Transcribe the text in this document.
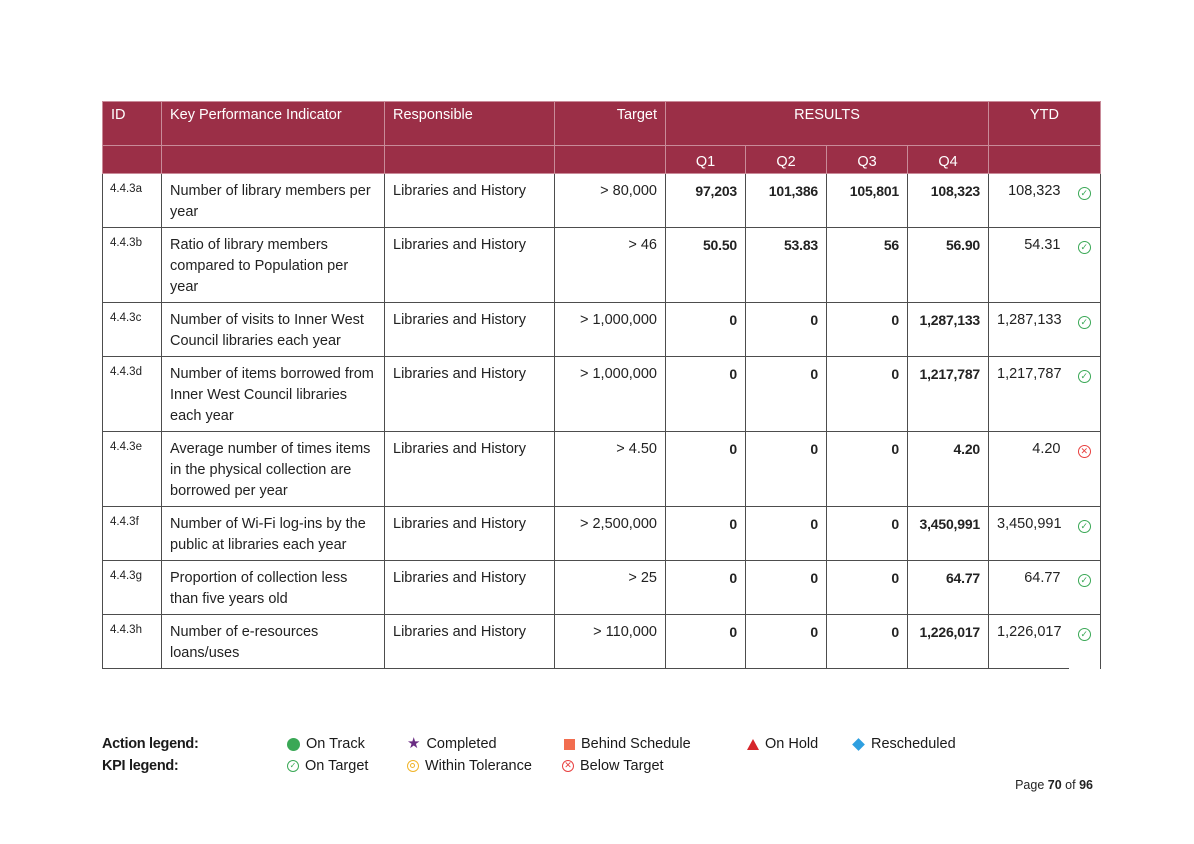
ID	Key Performance Indicator	Responsible	Target	RESULTS				YTD	
				Q1	Q2	Q3	Q4		
4.4.3a	Number of library members per year	Libraries and History	> 80,000	97,203	101,386	105,801	108,323	108,323	✓
4.4.3b	Ratio of library members compared to Population per year	Libraries and History	> 46	50.50	53.83	56	56.90	54.31	✓
4.4.3c	Number of visits to Inner West Council libraries each year	Libraries and History	> 1,000,000	0	0	0	1,287,133	1,287,133	✓
4.4.3d	Number of items borrowed from Inner West Council libraries each year	Libraries and History	> 1,000,000	0	0	0	1,217,787	1,217,787	✓
4.4.3e	Average number of times items in the physical collection are borrowed per year	Libraries and History	> 4.50	0	0	0	4.20	4.20	✕
4.4.3f	Number of Wi-Fi log-ins by the public at libraries each year	Libraries and History	> 2,500,000	0	0	0	3,450,991	3,450,991	✓
4.4.3g	Proportion of collection less than five years old	Libraries and History	> 25	0	0	0	64.77	64.77	✓
4.4.3h	Number of e-resources loans/uses	Libraries and History	> 110,000	0	0	0	1,226,017	1,226,017	✓
Action legend:
KPI legend:
On Track	★ Completed	Behind Schedule	On Hold	Rescheduled
✓ On Target	Within Tolerance	✕ Below Target
Page 70 of 96
